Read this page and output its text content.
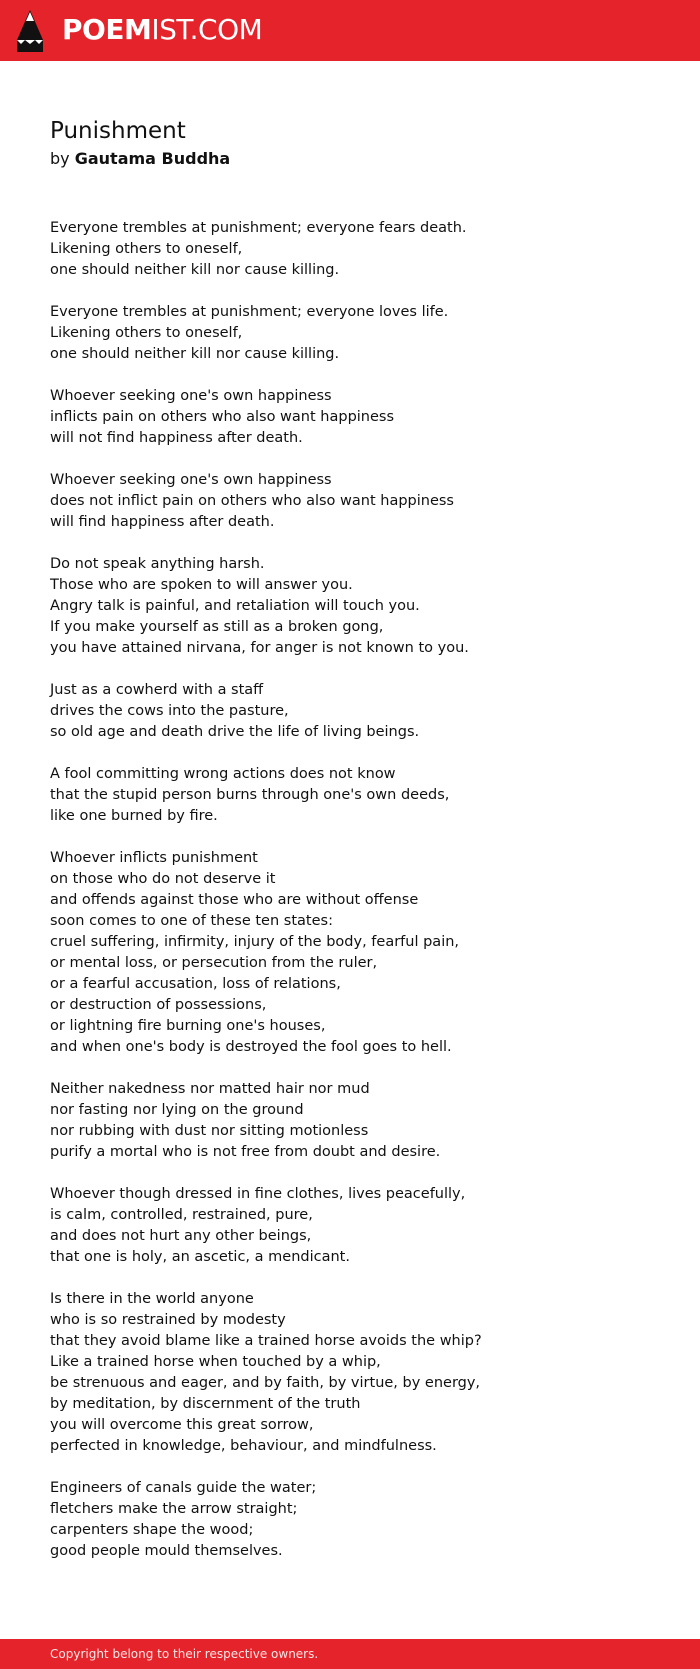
POEMIST.COM
Punishment
by Gautama Buddha
Everyone trembles at punishment; everyone fears death.
Likening others to oneself,
one should neither kill nor cause killing.
Everyone trembles at punishment; everyone loves life.
Likening others to oneself,
one should neither kill nor cause killing.
Whoever seeking one's own happiness
inflicts pain on others who also want happiness
will not find happiness after death.
Whoever seeking one's own happiness
does not inflict pain on others who also want happiness
will find happiness after death.
Do not speak anything harsh.
Those who are spoken to will answer you.
Angry talk is painful, and retaliation will touch you.
If you make yourself as still as a broken gong,
you have attained nirvana, for anger is not known to you.
Just as a cowherd with a staff
drives the cows into the pasture,
so old age and death drive the life of living beings.
A fool committing wrong actions does not know
that the stupid person burns through one's own deeds,
like one burned by fire.
Whoever inflicts punishment
on those who do not deserve it
and offends against those who are without offense
soon comes to one of these ten states:
cruel suffering, infirmity, injury of the body, fearful pain,
or mental loss, or persecution from the ruler,
or a fearful accusation, loss of relations,
or destruction of possessions,
or lightning fire burning one's houses,
and when one's body is destroyed the fool goes to hell.
Neither nakedness nor matted hair nor mud
nor fasting nor lying on the ground
nor rubbing with dust nor sitting motionless
purify a mortal who is not free from doubt and desire.
Whoever though dressed in fine clothes, lives peacefully,
is calm, controlled, restrained, pure,
and does not hurt any other beings,
that one is holy, an ascetic, a mendicant.
Is there in the world anyone
who is so restrained by modesty
that they avoid blame like a trained horse avoids the whip?
Like a trained horse when touched by a whip,
be strenuous and eager, and by faith, by virtue, by energy,
by meditation, by discernment of the truth
you will overcome this great sorrow,
perfected in knowledge, behaviour, and mindfulness.
Engineers of canals guide the water;
fletchers make the arrow straight;
carpenters shape the wood;
good people mould themselves.
Copyright belong to their respective owners.
